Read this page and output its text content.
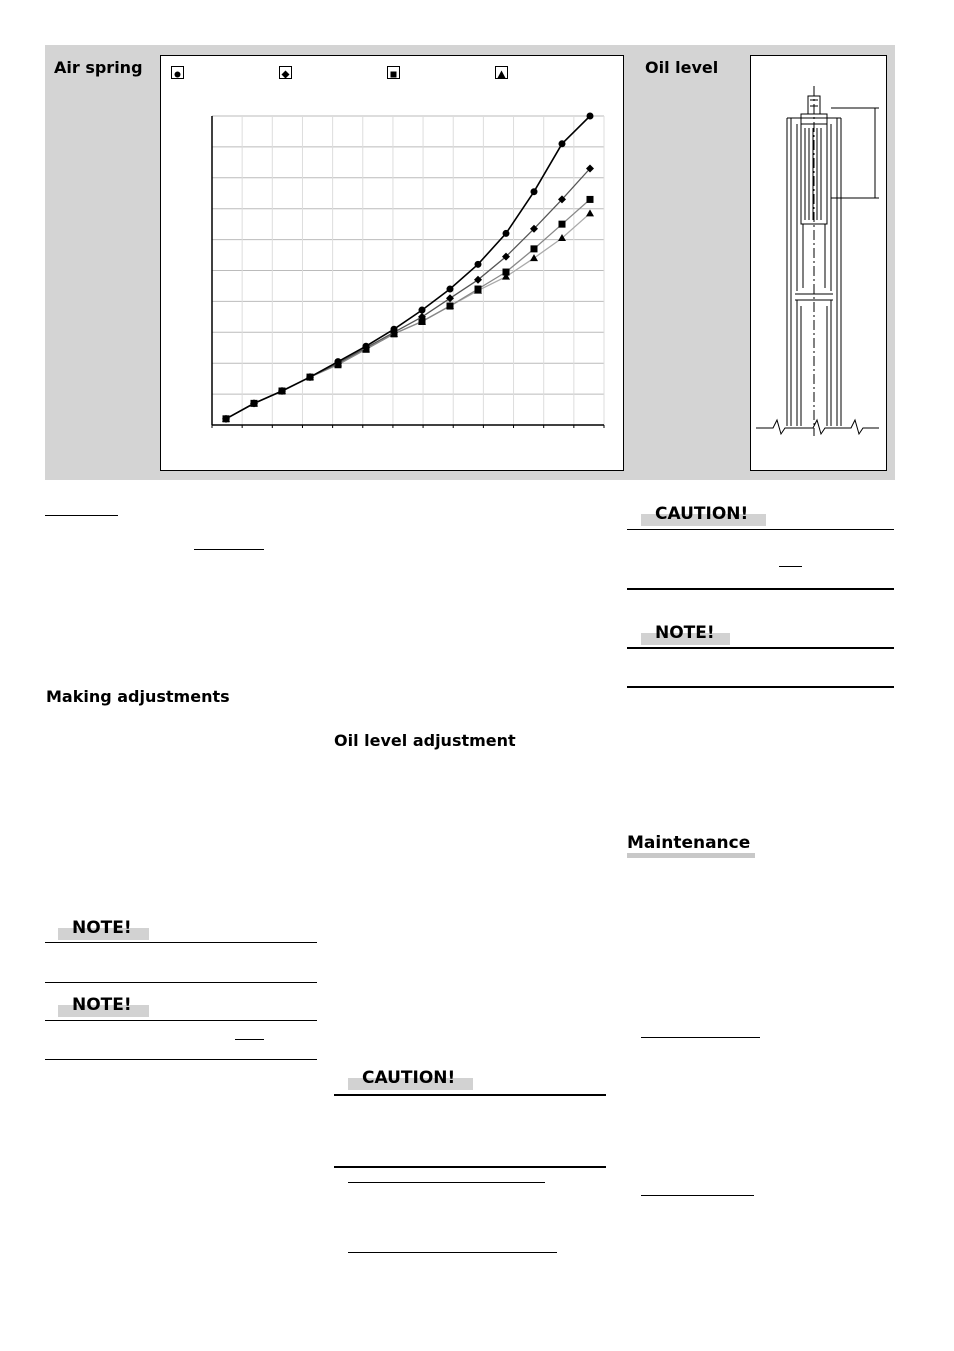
Air spring	Oil level
Making adjustments
NOTE!
NOTE!
Oil level adjustment
CAUTION!
CAUTION!
NOTE!
Maintenance
